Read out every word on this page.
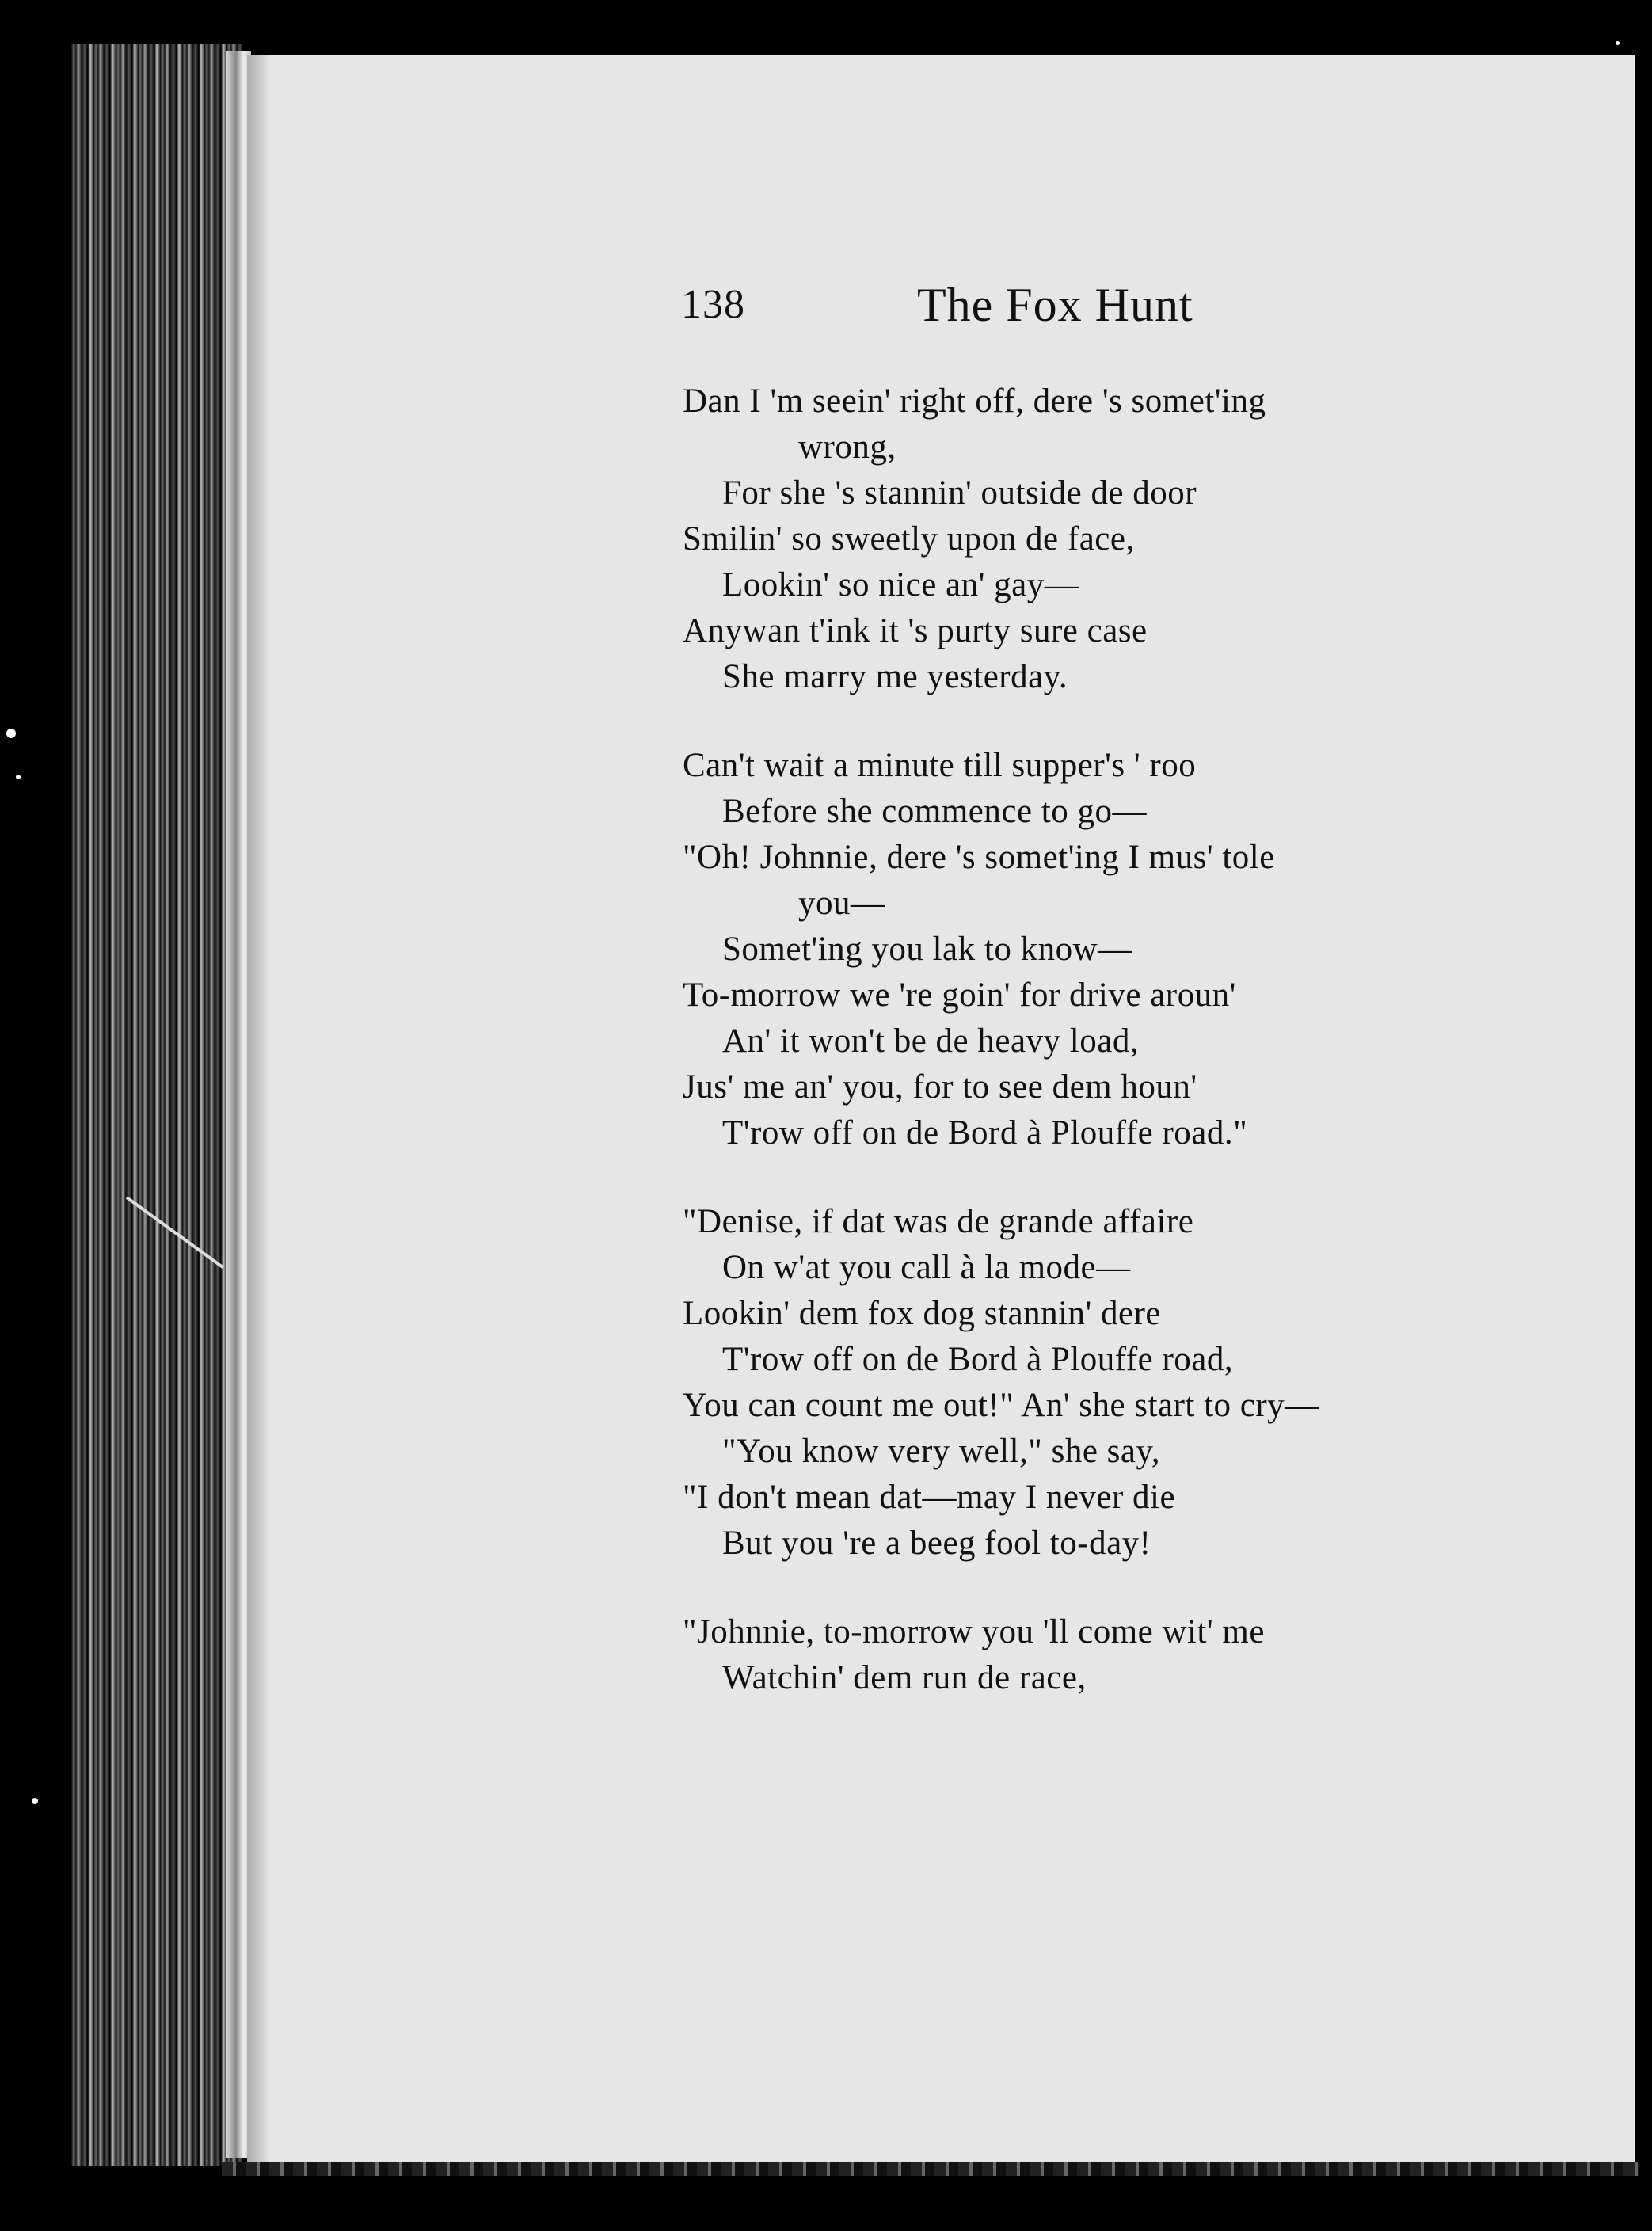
138	The Fox Hunt
Dan I 'm seein' right off, dere 's somet'ing
wrong,
For she 's stannin' outside de door
Smilin' so sweetly upon de face,
Lookin' so nice an' gay—
Anywan t'ink it 's purty sure case
She marry me yesterday.
Can't wait a minute till supper's ' roo
Before she commence to go—
"Oh! Johnnie, dere 's somet'ing I mus' tole
you—
Somet'ing you lak to know—
To-morrow we 're goin' for drive aroun'
An' it won't be de heavy load,
Jus' me an' you, for to see dem houn'
T'row off on de Bord à Plouffe road."
"Denise, if dat was de grande affaire
On w'at you call à la mode—
Lookin' dem fox dog stannin' dere
T'row off on de Bord à Plouffe road,
You can count me out!" An' she start to cry—
"You know very well," she say,
"I don't mean dat—may I never die
But you 're a beeg fool to-day!
"Johnnie, to-morrow you 'll come wit' me
Watchin' dem run de race,
